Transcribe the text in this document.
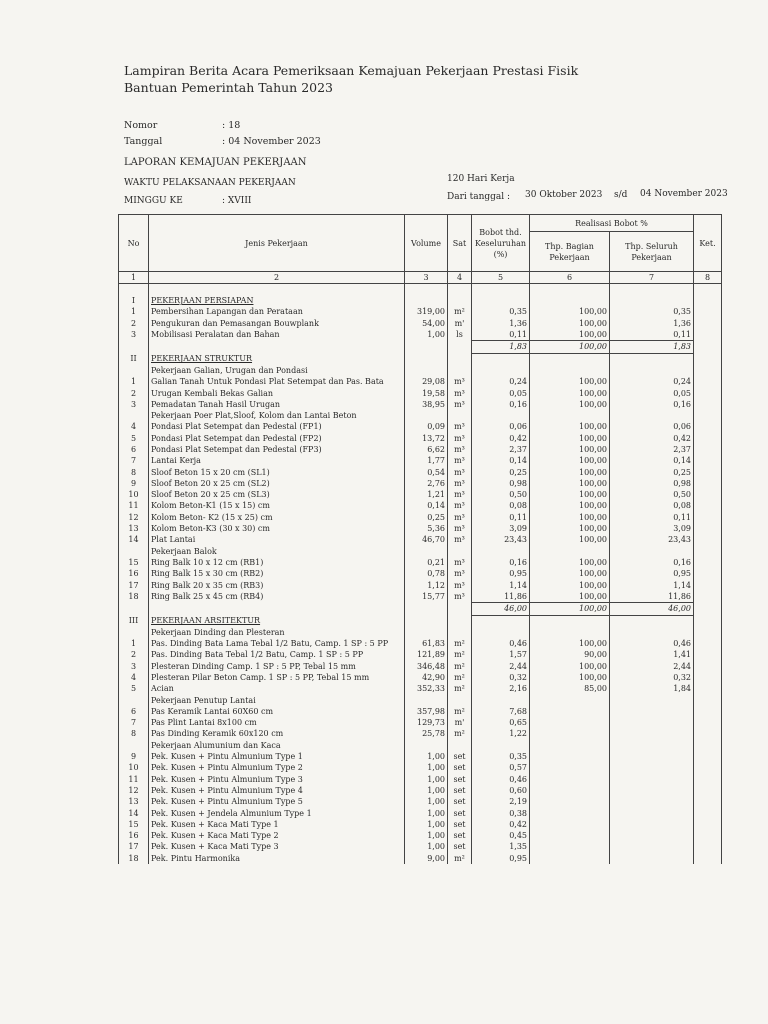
Lampiran Berita Acara Pemeriksaan Kemajuan Pekerjaan Prestasi Fisik
Bantuan Pemerintah Tahun 2023
Nomor	: 18
Tanggal	: 04 November 2023
LAPORAN KEMAJUAN PEKERJAAN
WAKTU PELAKSANAAN PEKERJAAN	120 Hari Kerja
MINGGU KE	: XVIII	Dari tanggal : 30 Oktober 2023 s/d 04 November 2023
No	Jenis Pekerjaan	Volume	Sat	Bobot thd. Keseluruhan (%)	Realisasi Bobot %		Ket.
					Thp. Bagian Pekerjaan	Thp. Seluruh Pekerjaan	
1	2	3	4	5	6	7	8

I	PEKERJAAN PERSIAPAN						
1	Pembersihan Lapangan dan Perataan	319,00	m²	0,35	100,00	0,35	
2	Pengukuran dan Pemasangan Bouwplank	54,00	m'	1,36	100,00	1,36	
3	Mobilisasi Peralatan dan Bahan	1,00	ls	0,11	100,00	0,11	
				1,83	100,00	1,83	
II	PEKERJAAN STRUKTUR						
	Pekerjaan Galian, Urugan dan Pondasi						
1	Galian Tanah Untuk Pondasi Plat Setempat dan Pas. Bata	29,08	m³	0,24	100,00	0,24	
2	Urugan Kembali Bekas Galian	19,58	m³	0,05	100,00	0,05	
3	Pemadatan Tanah Hasil Urugan	38,95	m³	0,16	100,00	0,16	
	Pekerjaan Poer Plat,Sloof, Kolom dan Lantai Beton						
4	Pondasi Plat Setempat dan Pedestal (FP1)	0,09	m³	0,06	100,00	0,06	
5	Pondasi Plat Setempat dan Pedestal (FP2)	13,72	m³	0,42	100,00	0,42	
6	Pondasi Plat Setempat dan Pedestal (FP3)	6,62	m³	2,37	100,00	2,37	
7	Lantai Kerja	1,77	m³	0,14	100,00	0,14	
8	Sloof Beton 15 x 20 cm (SL1)	0,54	m³	0,25	100,00	0,25	
9	Sloof Beton 20 x 25 cm (SL2)	2,76	m³	0,98	100,00	0,98	
10	Sloof Beton 20 x 25 cm (SL3)	1,21	m³	0,50	100,00	0,50	
11	Kolom Beton-K1 (15 x 15) cm	0,14	m³	0,08	100,00	0,08	
12	Kolom Beton- K2 (15 x 25) cm	0,25	m³	0,11	100,00	0,11	
13	Kolom Beton-K3 (30 x 30) cm	5,36	m³	3,09	100,00	3,09	
14	Plat Lantai	46,70	m³	23,43	100,00	23,43	
	Pekerjaan Balok						
15	Ring Balk 10 x 12 cm (RB1)	0,21	m³	0,16	100,00	0,16	
16	Ring Balk 15 x 30 cm (RB2)	0,78	m³	0,95	100,00	0,95	
17	Ring Balk 20 x 35 cm (RB3)	1,12	m³	1,14	100,00	1,14	
18	Ring Balk 25 x 45 cm (RB4)	15,77	m³	11,86	100,00	11,86	
				46,00	100,00	46,00	
III	PEKERJAAN ARSITEKTUR						
	Pekerjaan Dinding dan Plesteran						
1	Pas. Dinding Bata Lama Tebal 1/2 Batu, Camp. 1 SP : 5 PP	61,83	m²	0,46	100,00	0,46	
2	Pas. Dinding Bata Tebal 1/2 Batu, Camp. 1 SP : 5 PP	121,89	m²	1,57	90,00	1,41	
3	Plesteran Dinding Camp. 1 SP : 5 PP, Tebal 15 mm	346,48	m²	2,44	100,00	2,44	
4	Plesteran Pilar Beton Camp. 1 SP : 5 PP, Tebal 15 mm	42,90	m²	0,32	100,00	0,32	
5	Acian	352,33	m²	2,16	85,00	1,84	
	Pekerjaan Penutup Lantai						
6	Pas Keramik Lantai 60X60 cm	357,98	m²	7,68			
7	Pas Plint Lantai 8x100 cm	129,73	m'	0,65			
8	Pas Dinding Keramik 60x120 cm	25,78	m²	1,22			
	Pekerjaan Alumunium dan Kaca						
9	Pek. Kusen + Pintu Almunium Type 1	1,00	set	0,35			
10	Pek. Kusen + Pintu Almunium Type 2	1,00	set	0,57			
11	Pek. Kusen + Pintu Almunium Type 3	1,00	set	0,46			
12	Pek. Kusen + Pintu Almunium Type 4	1,00	set	0,60			
13	Pek. Kusen + Pintu Almunium Type 5	1,00	set	2,19			
14	Pek. Kusen + Jendela Almunium Type 1	1,00	set	0,38			
15	Pek. Kusen + Kaca Mati Type 1	1,00	set	0,42			
16	Pek. Kusen + Kaca Mati Type 2	1,00	set	0,45			
17	Pek. Kusen + Kaca Mati Type 3	1,00	set	1,35			
18	Pek. Pintu Harmonika	9,00	m²	0,95			
